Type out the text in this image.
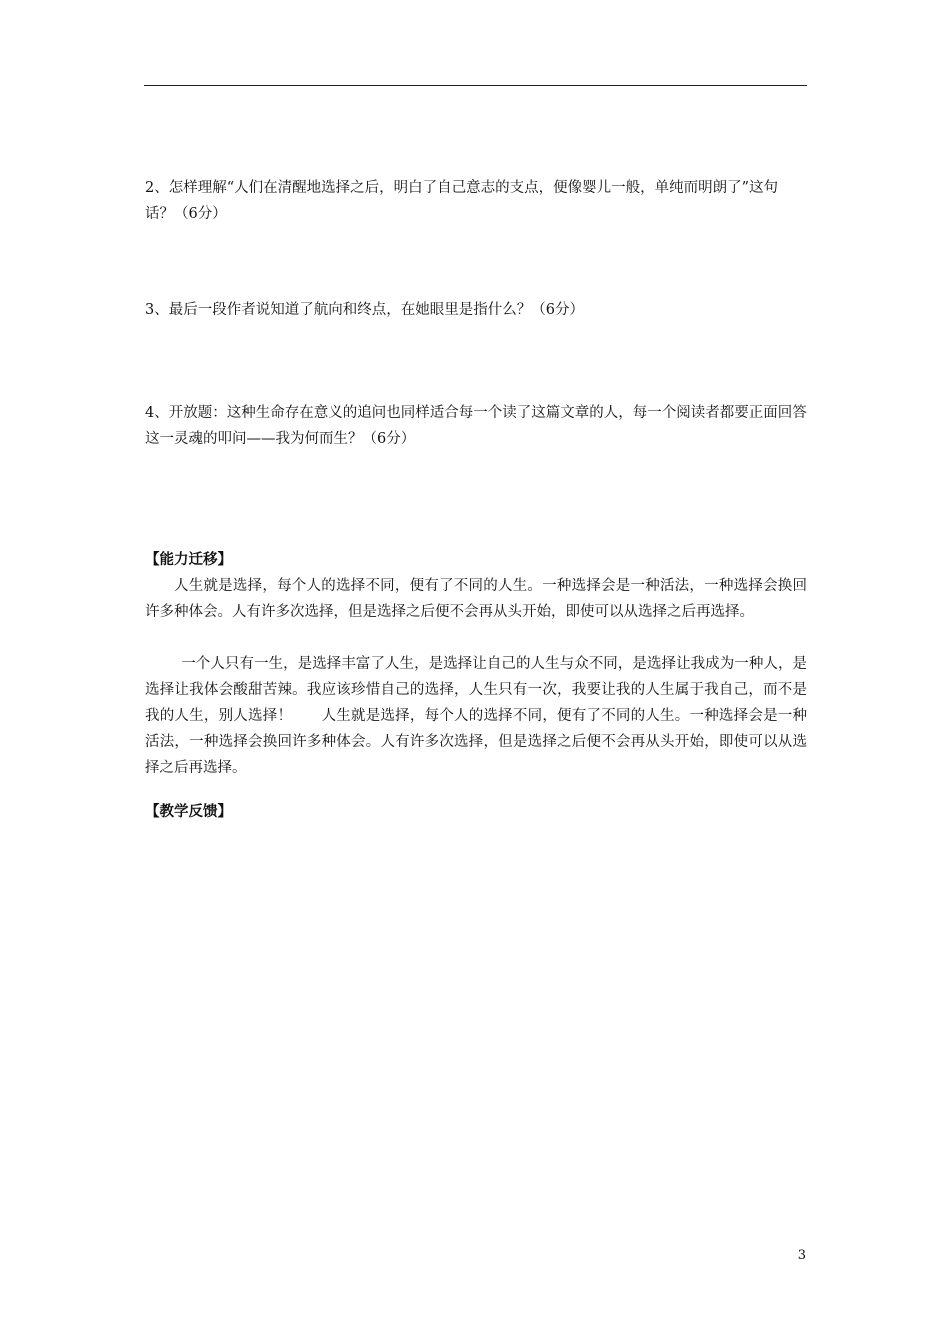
2、怎样理解“人们在清醒地选择之后，明白了自己意志的支点，便像婴儿一般，单纯而明朗了”这句话？（6分）

3、最后一段作者说知道了航向和终点，在她眼里是指什么？（6分）

4、开放题：这种生命存在意义的追问也同样适合每一个读了这篇文章的人，每一个阅读者都要正面回答这一灵魂的叩问——我为何而生？（6分）

【能力迁移】

人生就是选择，每个人的选择不同，便有了不同的人生。一种选择会是一种活法，一种选择会换回许多种体会。人有许多次选择，但是选择之后便不会再从头开始，即使可以从选择之后再选择。

一个人只有一生，是选择丰富了人生，是选择让自己的人生与众不同，是选择让我成为一种人，是选择让我体会酸甜苦辣。我应该珍惜自己的选择，人生只有一次，我要让我的人生属于我自己，而不是我的人生，别人选择！　　人生就是选择，每个人的选择不同，便有了不同的人生。一种选择会是一种活法，一种选择会换回许多种体会。人有许多次选择，但是选择之后便不会再从头开始，即使可以从选择之后再选择。

【教学反馈】

3
